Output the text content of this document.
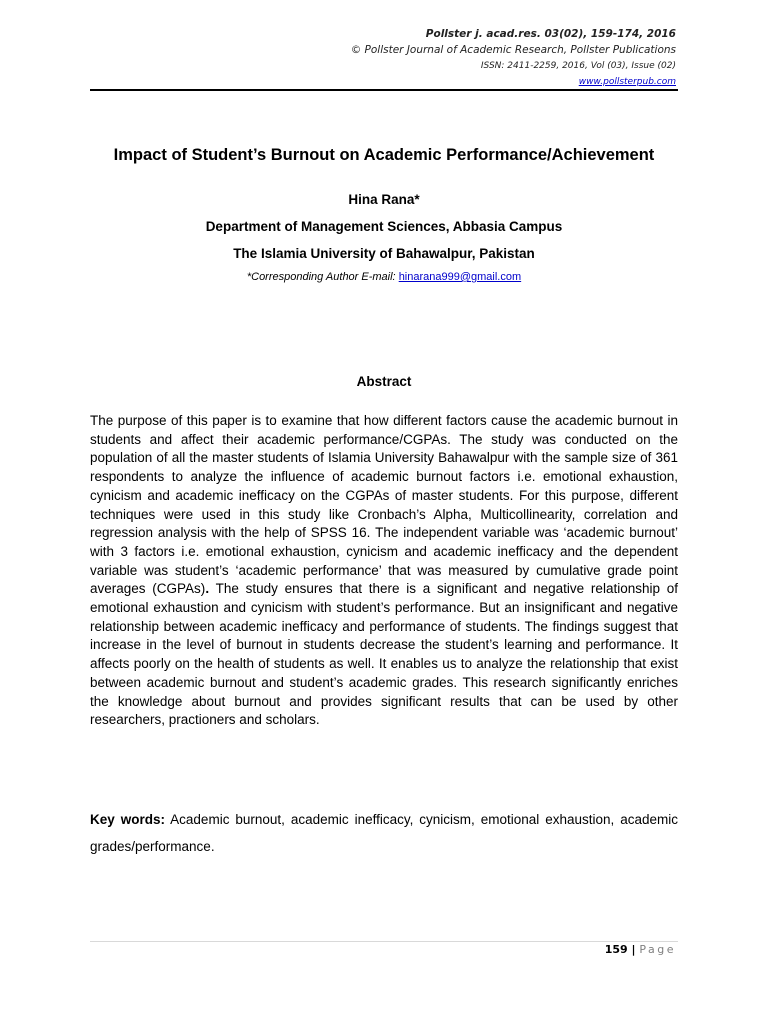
Pollster j. acad.res. 03(02), 159-174, 2016
© Pollster Journal of Academic Research, Pollster Publications
ISSN: 2411-2259, 2016, Vol (03), Issue (02)
www.pollsterpub.com
Impact of Student’s Burnout on Academic Performance/Achievement
Hina Rana*
Department of Management Sciences, Abbasia Campus
The Islamia University of Bahawalpur, Pakistan
*Corresponding Author E-mail: hinarana999@gmail.com
Abstract

The purpose of this paper is to examine that how different factors cause the academic burnout in students and affect their academic performance/CGPAs. The study was conducted on the population of all the master students of Islamia University Bahawalpur with the sample size of 361 respondents to analyze the influence of academic burnout factors i.e. emotional exhaustion, cynicism and academic inefficacy on the CGPAs of master students. For this purpose, different techniques were used in this study like Cronbach’s Alpha, Multicollinearity, correlation and regression analysis with the help of SPSS 16. The independent variable was ‘academic burnout’ with 3 factors i.e. emotional exhaustion, cynicism and academic inefficacy and the dependent variable was student’s ‘academic performance’ that was measured by cumulative grade point averages (CGPAs). The study ensures that there is a significant and negative relationship of emotional exhaustion and cynicism with student’s performance. But an insignificant and negative relationship between academic inefficacy and performance of students. The findings suggest that increase in the level of burnout in students decrease the student’s learning and performance. It affects poorly on the health of students as well. It enables us to analyze the relationship that exist between academic burnout and student’s academic grades. This research significantly enriches the knowledge about burnout and provides significant results that can be used by other researchers, practioners and scholars.

Key words: Academic burnout, academic inefficacy, cynicism, emotional exhaustion, academic grades/performance.

159 | Page
